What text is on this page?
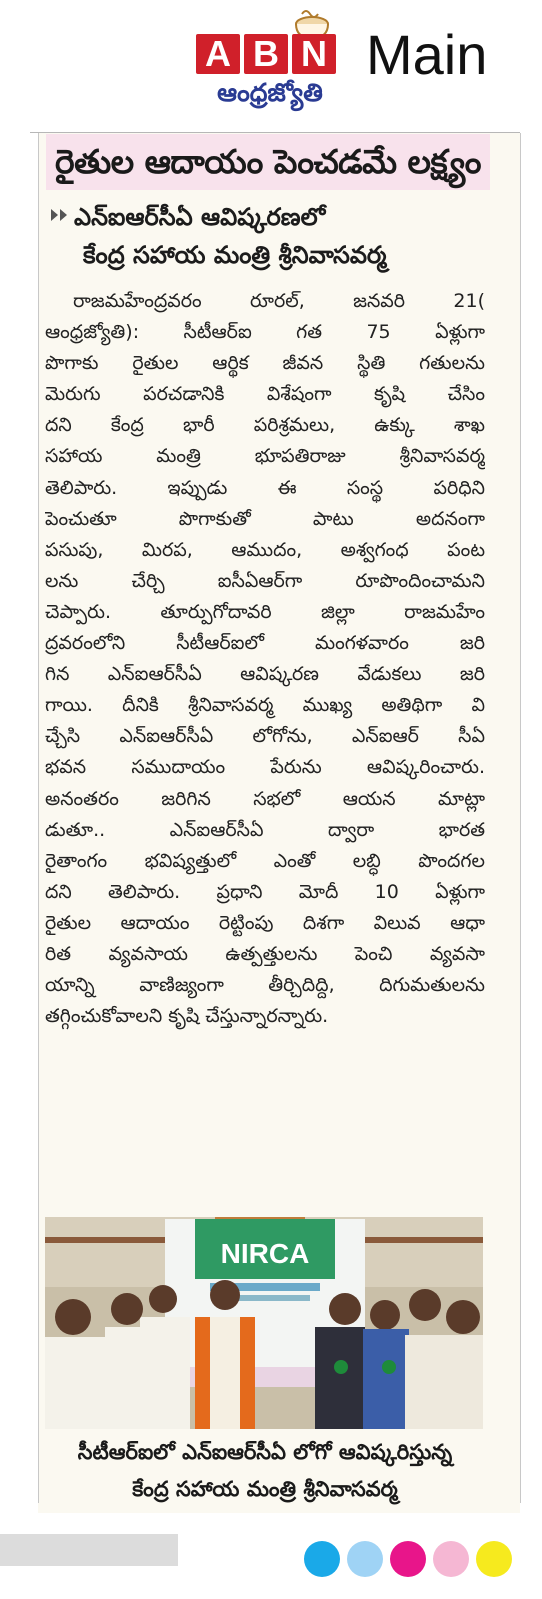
A B N
ఆంధ్రజ్యోతి
Main
రైతుల ఆదాయం పెంచడమే లక్ష్యం
ఎన్ఐఆర్‌సీఏ ఆవిష్కరణలో
కేంద్ర సహాయ మంత్రి శ్రీనివాసవర్మ
రాజమహేంద్రవరం రూరల్, జనవరి 21(
ఆంధ్రజ్యోతి): సీటీఆర్ఐ గత 75 ఏళ్లుగా
పొగాకు రైతుల ఆర్థిక జీవన స్థితి గతులను
మెరుగు పరచడానికి విశేషంగా కృషి చేసిం
దని కేంద్ర భారీ పరిశ్రమలు, ఉక్కు శాఖ
సహాయ మంత్రి భూపతిరాజు శ్రీనివాసవర్మ
తెలిపారు. ఇప్పుడు ఈ సంస్థ పరిధిని
పెంచుతూ పొగాకుతో పాటు అదనంగా
పసుపు, మిరప, ఆముదం, అశ్వగంధ పంట
లను చేర్చి ఐసీఏఆర్‌గా రూపొందించామని
చెప్పారు. తూర్పుగోదావరి జిల్లా రాజమహేం
ద్రవరంలోని సీటీఆర్ఐలో మంగళవారం జరి
గిన ఎన్ఐఆర్‌సీఏ ఆవిష్కరణ వేడుకలు జరి
గాయి. దీనికి శ్రీనివాసవర్మ ముఖ్య అతిథిగా వి
చ్చేసి ఎన్ఐఆర్‌సీఏ లోగోను, ఎన్ఐఆర్ సీఏ
భవన సముదాయం పేరును ఆవిష్కరించారు.
అనంతరం జరిగిన సభలో ఆయన మాట్లా
డుతూ.. ఎన్ఐఆర్‌సీఏ ద్వారా భారత
రైతాంగం భవిష్యత్తులో ఎంతో లబ్ధి పొందగల
దని తెలిపారు. ప్రధాని మోదీ 10 ఏళ్లుగా
రైతుల ఆదాయం రెట్టింపు దిశగా విలువ ఆధా
రిత వ్యవసాయ ఉత్పత్తులను పెంచి వ్యవసా
యాన్ని వాణిజ్యంగా తీర్చిదిద్ది, దిగుమతులను
తగ్గించుకోవాలని కృషి చేస్తున్నారన్నారు.
NIRCA
సీటీఆర్ఐలో ఎన్ఐఆర్‌సీఏ లోగో ఆవిష్కరిస్తున్న
కేంద్ర సహాయ మంత్రి శ్రీనివాసవర్మ
